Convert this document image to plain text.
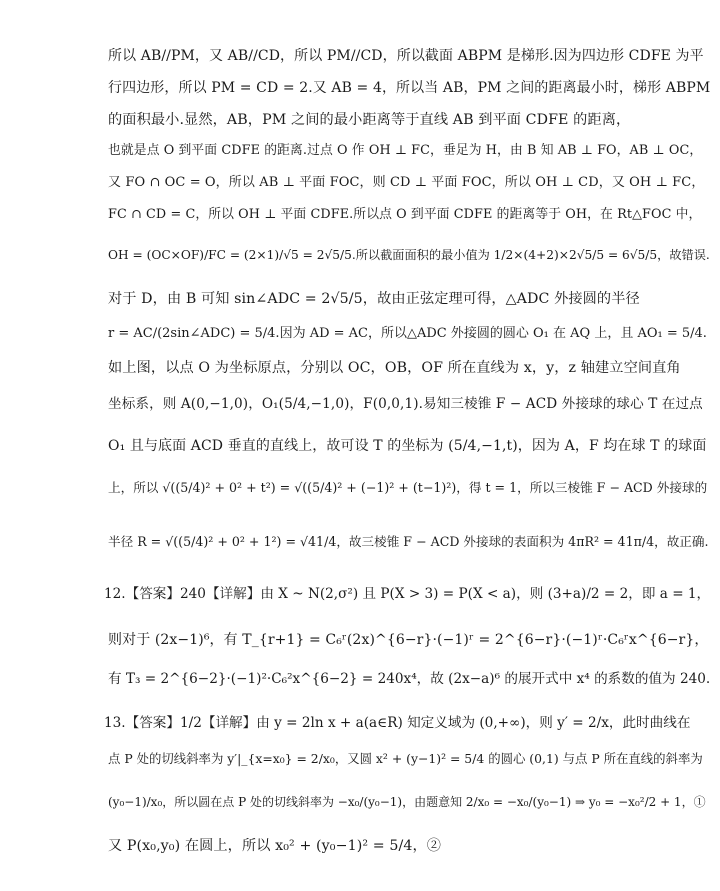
所以 AB//PM，又 AB//CD，所以 PM//CD，所以截面 ABPM 是梯形.因为四边形 CDFE 为平
行四边形，所以 PM = CD = 2.又 AB = 4，所以当 AB，PM 之间的距离最小时，梯形 ABPM
的面积最小.显然，AB，PM 之间的最小距离等于直线 AB 到平面 CDFE 的距离，
也就是点 O 到平面 CDFE 的距离.过点 O 作 OH ⊥ FC，垂足为 H，由 B 知 AB ⊥ FO，AB ⊥ OC，
又 FO ∩ OC = O，所以 AB ⊥ 平面 FOC，则 CD ⊥ 平面 FOC，所以 OH ⊥ CD，又 OH ⊥ FC，
FC ∩ CD = C，所以 OH ⊥ 平面 CDFE.所以点 O 到平面 CDFE 的距离等于 OH，在 Rt△FOC 中，
OH = (OC×OF)/FC = (2×1)/√5 = 2√5/5.所以截面面积的最小值为 1/2×(4+2)×2√5/5 = 6√5/5，故错误.
对于 D，由 B 可知 sin∠ADC = 2√5/5，故由正弦定理可得，△ADC 外接圆的半径
r = AC/(2sin∠ADC) = 5/4.因为 AD = AC，所以△ADC 外接圆的圆心 O₁ 在 AQ 上，且 AO₁ = 5/4.
如上图，以点 O 为坐标原点，分别以 OC，OB，OF 所在直线为 x，y，z 轴建立空间直角
坐标系，则 A(0,−1,0)，O₁(5/4,−1,0)，F(0,0,1).易知三棱锥 F − ACD 外接球的球心 T 在过点
O₁ 且与底面 ACD 垂直的直线上，故可设 T 的坐标为 (5/4,−1,t)，因为 A，F 均在球 T 的球面
上，所以 √((5/4)² + 0² + t²) = √((5/4)² + (−1)² + (t−1)²)，得 t = 1，所以三棱锥 F − ACD 外接球的
半径 R = √((5/4)² + 0² + 1²) = √41/4，故三棱锥 F − ACD 外接球的表面积为 4πR² = 41π/4，故正确.
12.【答案】240【详解】由 X ~ N(2,σ²) 且 P(X > 3) = P(X < a)，则 (3+a)/2 = 2，即 a = 1，
则对于 (2x−1)⁶，有 T_{r+1} = C₆ʳ(2x)^{6−r}·(−1)ʳ = 2^{6−r}·(−1)ʳ·C₆ʳx^{6−r}，
有 T₃ = 2^{6−2}·(−1)²·C₆²x^{6−2} = 240x⁴，故 (2x−a)⁶ 的展开式中 x⁴ 的系数的值为 240.
13.【答案】1/2【详解】由 y = 2ln x + a(a∈R) 知定义域为 (0,+∞)，则 y′ = 2/x，此时曲线在
点 P 处的切线斜率为 y′|_{x=x₀} = 2/x₀，又圆 x² + (y−1)² = 5/4 的圆心 (0,1) 与点 P 所在直线的斜率为
(y₀−1)/x₀，所以圆在点 P 处的切线斜率为 −x₀/(y₀−1)，由题意知 2/x₀ = −x₀/(y₀−1) ⇒ y₀ = −x₀²/2 + 1，①
又 P(x₀,y₀) 在圆上，所以 x₀² + (y₀−1)² = 5/4，②
